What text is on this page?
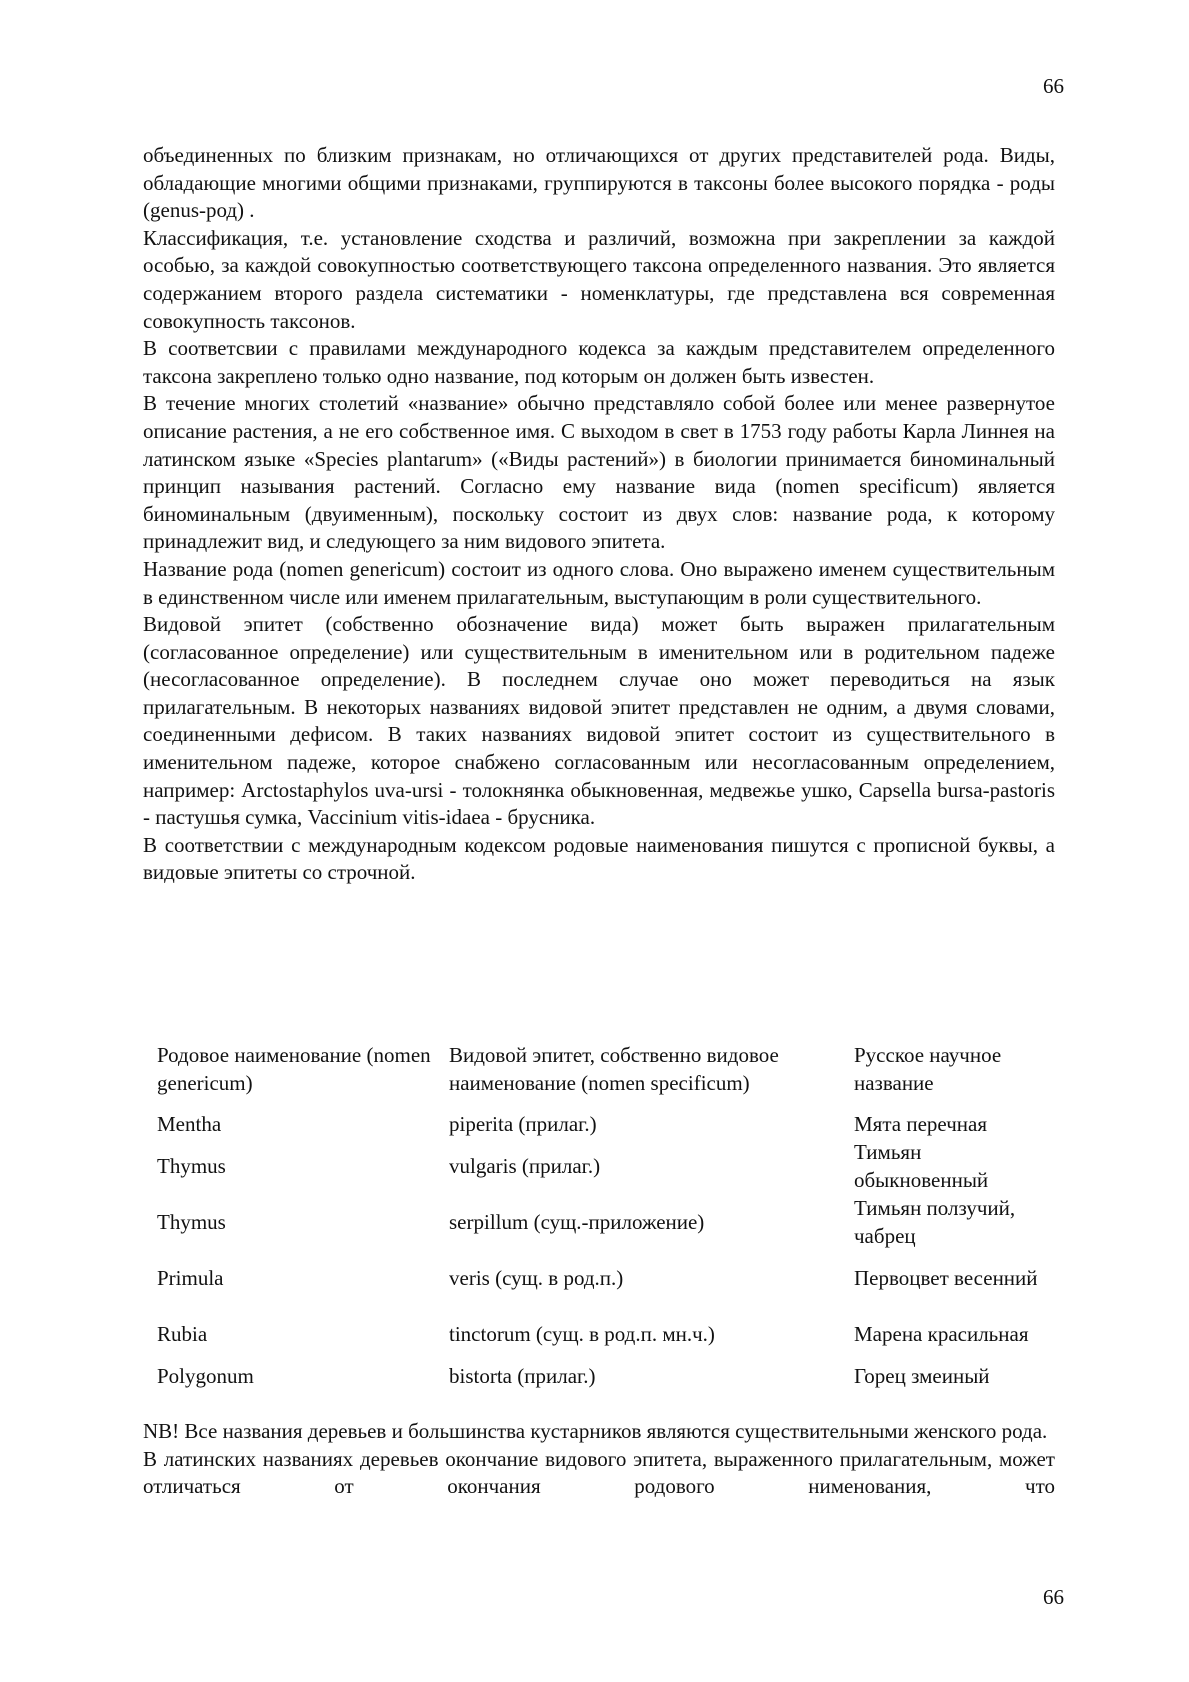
66

объединенных по близким признакам, но отличающихся от других представителей рода. Виды, обладающие многими общими признаками, группируются в таксоны более высокого порядка - роды (genus-род) .

Классификация, т.е. установление сходства и различий, возможна при закреплении за каждой особью, за каждой совокупностью соответствующего таксона определенного названия. Это является содержанием второго раздела систематики - номенклатуры, где представлена вся современная совокупность таксонов.

В соответсвии с правилами международного кодекса за каждым представителем определенного таксона закреплено только одно название, под которым он должен быть известен.

В течение многих столетий «название» обычно представляло собой более или менее развернутое описание растения, а не его собственное имя. С выходом в свет в 1753 году работы Карла Линнея на латинском языке «Species plantarum» («Виды растений») в биологии принимается биноминальный принцип называния растений. Согласно ему название вида (nomen specificum) является биноминальным (двуименным), поскольку состоит из двух слов: название рода, к которому принадлежит вид, и следующего за ним видового эпитета.

Название рода (nomen genericum) состоит из одного слова. Оно выражено именем существительным в единственном числе или именем прилагательным, выступающим в роли существительного.

Видовой эпитет (собственно обозначение вида) может быть выражен прилагательным (согласованное определение) или существительным в именительном или в родительном падеже (несогласованное определение). В последнем случае оно может переводиться на язык прилагательным. В некоторых названиях видовой эпитет представлен не одним, а двумя словами, соединенными дефисом. В таких названиях видовой эпитет состоит из существительного в именительном падеже, которое снабжено согласованным или несогласованным определением, например: Arctostaphylos uva-ursi - толокнянка обыкновенная, медвежье ушко, Capsella bursa-pastoris - пастушья сумка, Vaccinium vitis-idaea - брусника.

В соответствии с международным кодексом родовые наименования пишутся с прописной буквы, а видовые эпитеты со строчной.

Родовое наименование (nomen genericum)	Видовой эпитет, собственно видовое наименование (nomen specificum)	Русское научное название
Mentha	piperita (прилаг.)	Мята перечная
Thymus	vulgaris (прилаг.)	Тимьян обыкновенный
Thymus	serpillum (сущ.-приложение)	Тимьян ползучий, чабрец
Primula	veris (сущ. в род.п.)	Первоцвет весенний
Rubia	tinctorum (сущ. в род.п. мн.ч.)	Марена красильная
Polygonum	bistorta (прилаг.)	Горец змеиный

NB! Все названия деревьев и большинства кустарников являются существительными женского рода.

В латинских названиях деревьев окончание видового эпитета, выраженного прилагательным, может отличаться от окончания родового нименования, что

66
